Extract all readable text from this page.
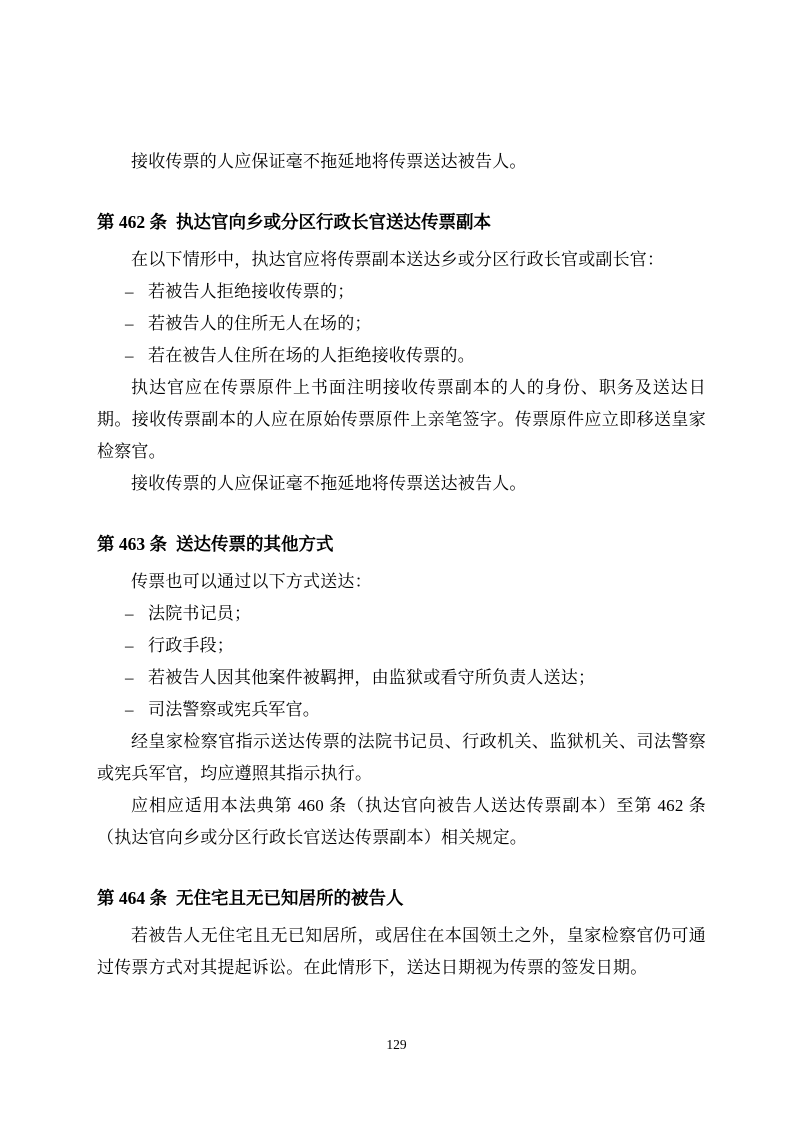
接收传票的人应保证毫不拖延地将传票送达被告人。

第 462 条 执达官向乡或分区行政长官送达传票副本

在以下情形中，执达官应将传票副本送达乡或分区行政长官或副长官：

– 若被告人拒绝接收传票的；
– 若被告人的住所无人在场的；
– 若在被告人住所在场的人拒绝接收传票的。

执达官应在传票原件上书面注明接收传票副本的人的身份、职务及送达日期。接收传票副本的人应在原始传票原件上亲笔签字。传票原件应立即移送皇家检察官。

接收传票的人应保证毫不拖延地将传票送达被告人。

第 463 条 送达传票的其他方式

传票也可以通过以下方式送达：

– 法院书记员；
– 行政手段；
– 若被告人因其他案件被羁押，由监狱或看守所负责人送达；
– 司法警察或宪兵军官。

经皇家检察官指示送达传票的法院书记员、行政机关、监狱机关、司法警察或宪兵军官，均应遵照其指示执行。

应相应适用本法典第 460 条（执达官向被告人送达传票副本）至第 462 条（执达官向乡或分区行政长官送达传票副本）相关规定。

第 464 条 无住宅且无已知居所的被告人

若被告人无住宅且无已知居所，或居住在本国领土之外，皇家检察官仍可通过传票方式对其提起诉讼。在此情形下，送达日期视为传票的签发日期。

129
